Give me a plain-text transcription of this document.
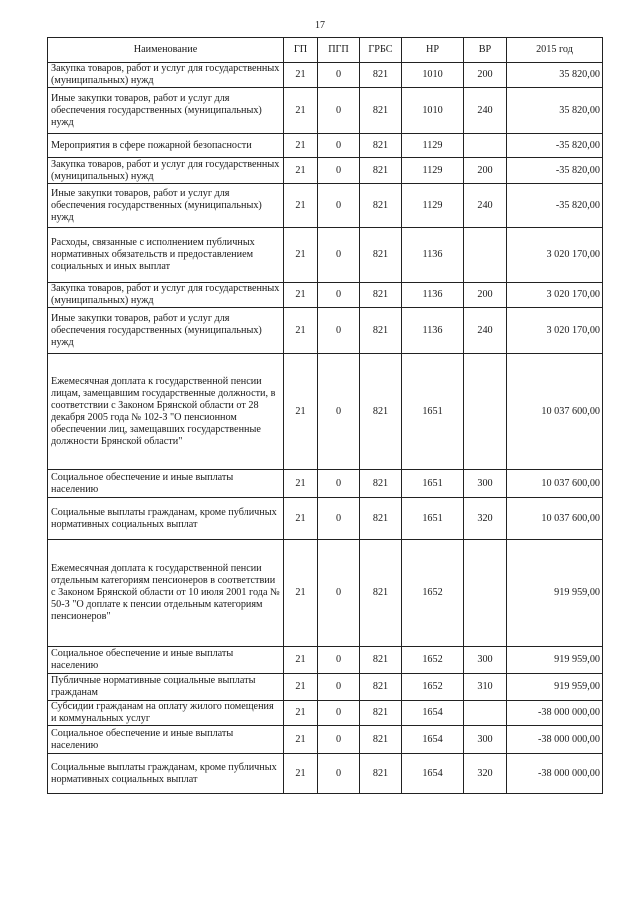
17
Наименование	ГП	ПГП	ГРБС	НР	ВР	2015 год
Закупка товаров, работ и услуг для государственных (муниципальных) нужд	21	0	821	1010	200	35 820,00
Иные закупки товаров, работ и услуг для обеспечения государственных (муниципальных) нужд	21	0	821	1010	240	35 820,00
Мероприятия в сфере пожарной безопасности	21	0	821	1129		-35 820,00
Закупка товаров, работ и услуг для государственных (муниципальных) нужд	21	0	821	1129	200	-35 820,00
Иные закупки товаров, работ и услуг для обеспечения государственных (муниципальных) нужд	21	0	821	1129	240	-35 820,00
Расходы, связанные с исполнением публичных нормативных обязательств и предоставлением социальных и иных выплат	21	0	821	1136		3 020 170,00
Закупка товаров, работ и услуг для государственных (муниципальных) нужд	21	0	821	1136	200	3 020 170,00
Иные закупки товаров, работ и услуг для обеспечения государственных (муниципальных) нужд	21	0	821	1136	240	3 020 170,00
Ежемесячная доплата к государственной пенсии лицам, замещавшим государственные должности, в соответствии с Законом Брянской области от 28 декабря 2005 года № 102-З "О пенсионном обеспечении лиц, замещавших государственные должности Брянской области"	21	0	821	1651		10 037 600,00
Социальное обеспечение и иные выплаты населению	21	0	821	1651	300	10 037 600,00
Социальные выплаты гражданам, кроме публичных нормативных социальных выплат	21	0	821	1651	320	10 037 600,00
Ежемесячная доплата к государственной пенсии отдельным категориям пенсионеров в соответствии с Законом Брянской области от 10 июля 2001 года № 50-З "О доплате к пенсии отдельным категориям пенсионеров"	21	0	821	1652		919 959,00
Социальное обеспечение и иные выплаты населению	21	0	821	1652	300	919 959,00
Публичные нормативные социальные выплаты гражданам	21	0	821	1652	310	919 959,00
Субсидии гражданам на оплату жилого помещения и коммунальных услуг	21	0	821	1654		-38 000 000,00
Социальное обеспечение и иные выплаты населению	21	0	821	1654	300	-38 000 000,00
Социальные выплаты гражданам, кроме публичных нормативных социальных выплат	21	0	821	1654	320	-38 000 000,00
